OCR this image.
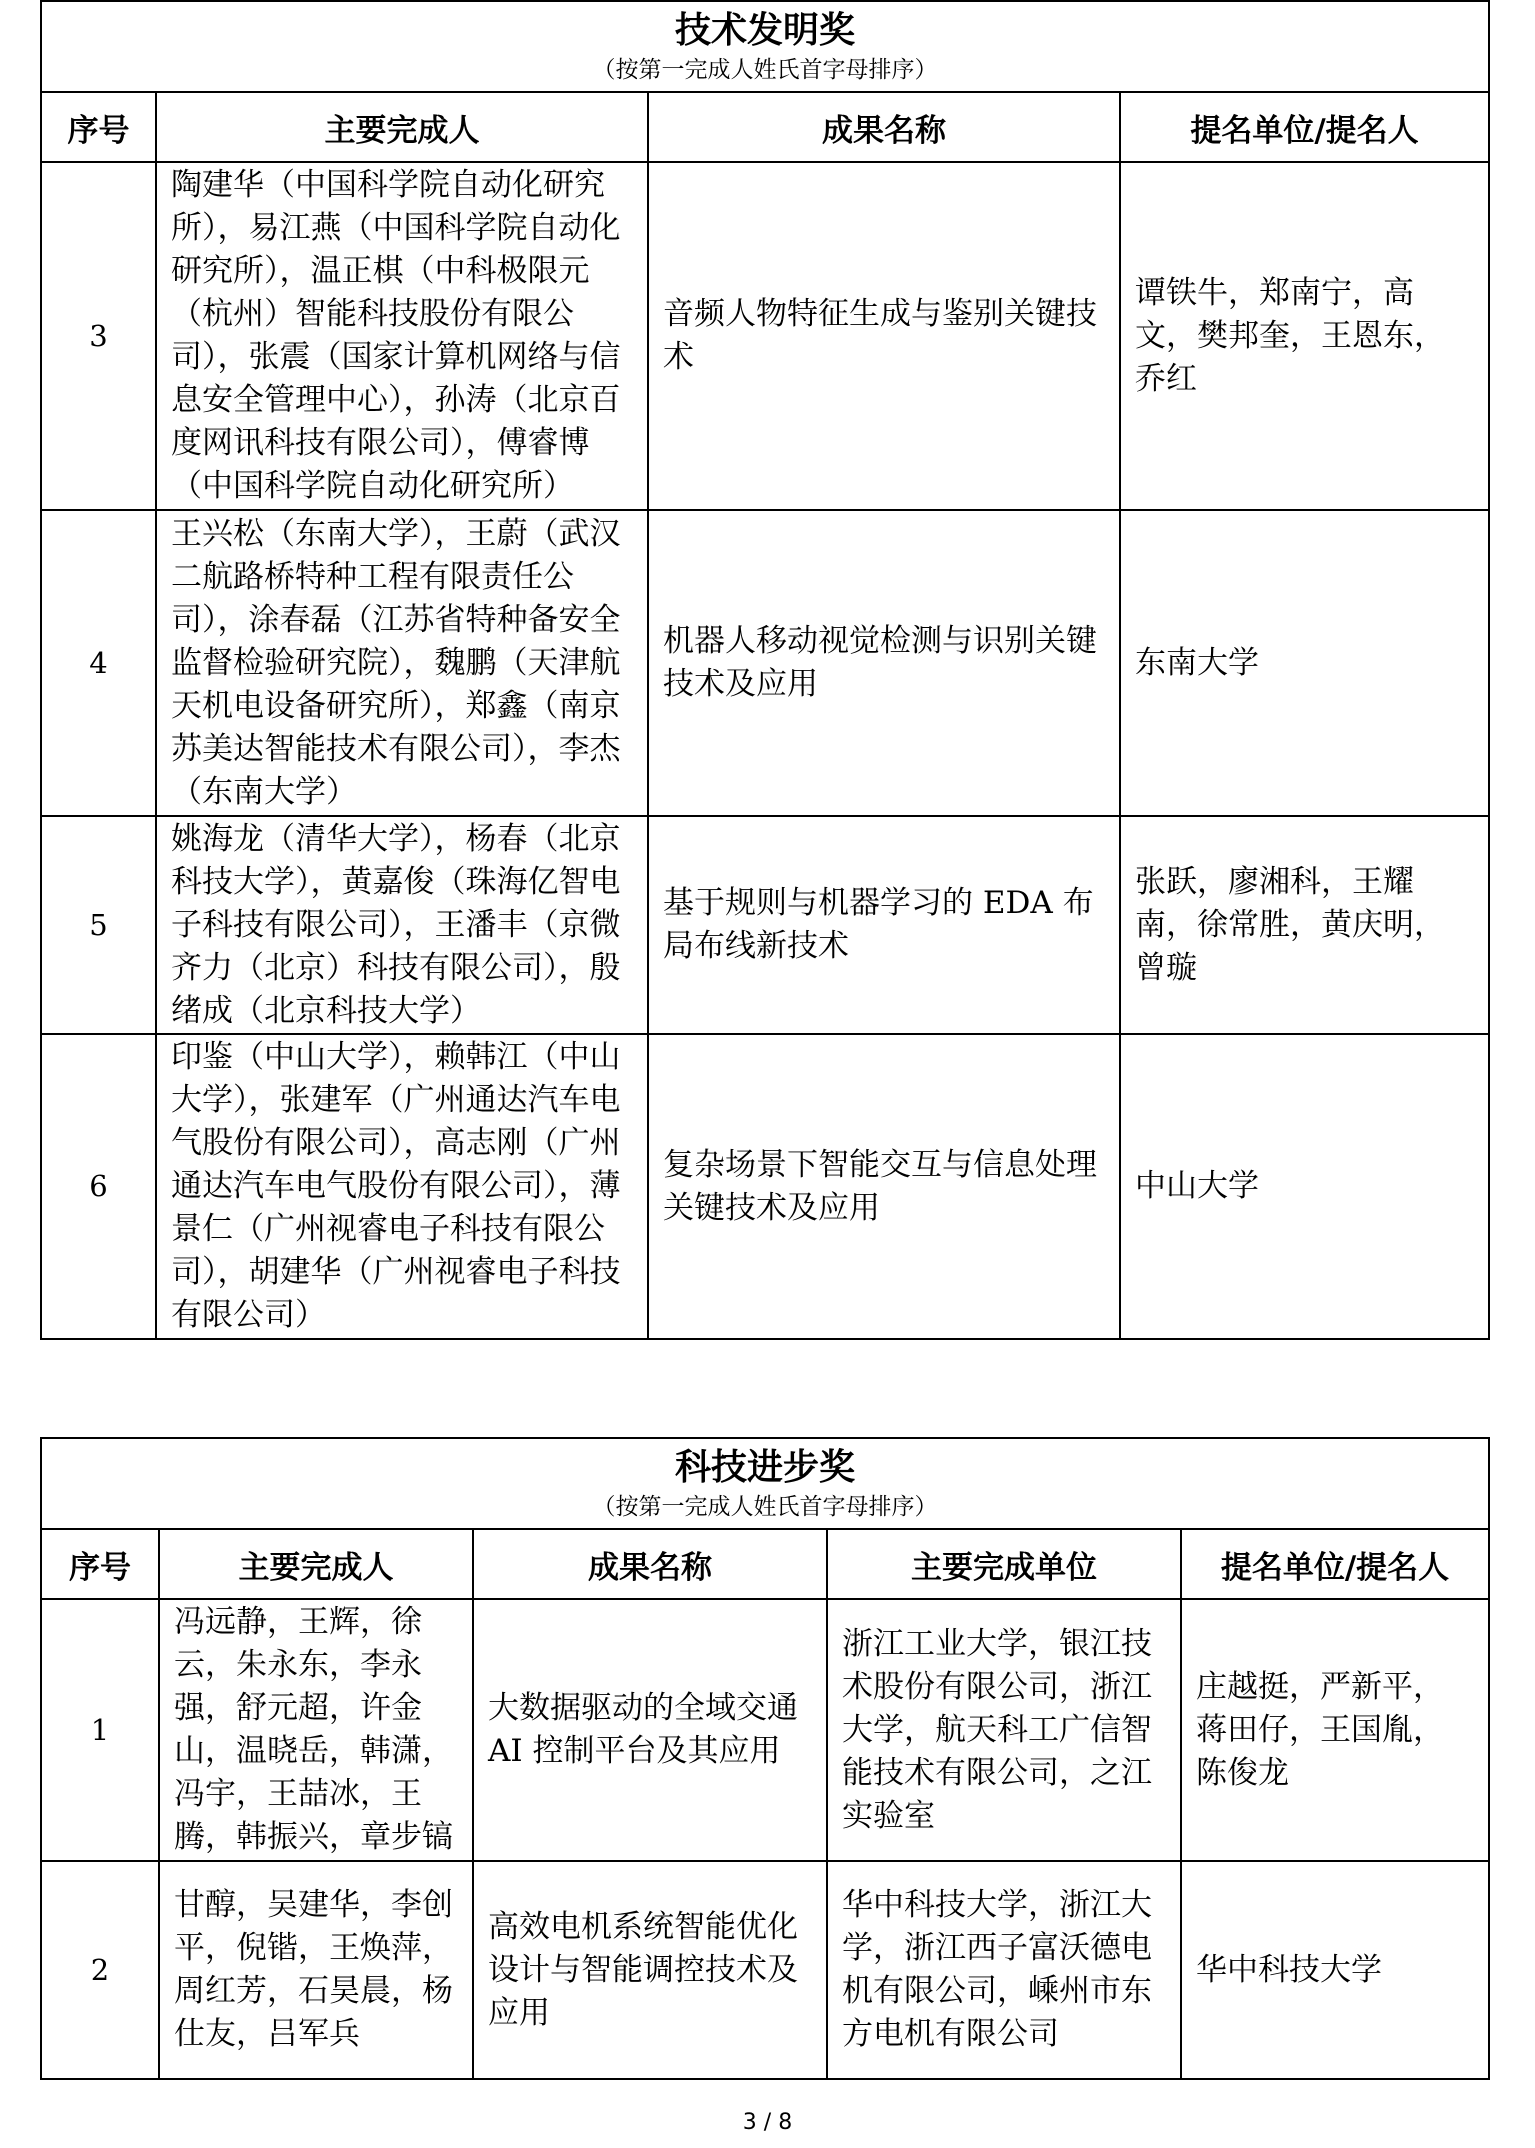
技术发明奖
（按第一完成人姓氏首字母排序）			

序号	主要完成人	成果名称	提名单位/提名人
3	陶建华（中国科学院自动化研究所），易江燕（中国科学院自动化研究所），温正棋（中科极限元（杭州）智能科技股份有限公司），张震（国家计算机网络与信息安全管理中心），孙涛（北京百度网讯科技有限公司），傅睿博（中国科学院自动化研究所）	音频人物特征生成与鉴别关键技术	谭铁牛，郑南宁，高文，樊邦奎，王恩东，乔红
4	王兴松（东南大学），王蔚（武汉二航路桥特种工程有限责任公司），涂春磊（江苏省特种备安全监督检验研究院），魏鹏（天津航天机电设备研究所），郑鑫（南京苏美达智能技术有限公司），李杰（东南大学）	机器人移动视觉检测与识别关键技术及应用	东南大学
5	姚海龙（清华大学），杨春（北京科技大学），黄嘉俊（珠海亿智电子科技有限公司），王潘丰（京微齐力（北京）科技有限公司），殷绪成（北京科技大学）	基于规则与机器学习的 EDA 布局布线新技术	张跃，廖湘科，王耀南，徐常胜，黄庆明，曾璇
6	印鉴（中山大学），赖韩江（中山大学），张建军（广州通达汽车电气股份有限公司），高志刚（广州通达汽车电气股份有限公司），薄景仁（广州视睿电子科技有限公司），胡建华（广州视睿电子科技有限公司）	复杂场景下智能交互与信息处理关键技术及应用	中山大学
科技进步奖
（按第一完成人姓氏首字母排序）				

序号	主要完成人	成果名称	主要完成单位	提名单位/提名人
1	冯远静，王辉，徐云，朱永东，李永强，舒元超，许金山，温晓岳，韩潇，冯宇，王喆冰，王腾，韩振兴，章步镐	大数据驱动的全域交通 AI 控制平台及其应用	浙江工业大学，银江技术股份有限公司，浙江大学，航天科工广信智能技术有限公司，之江实验室	庄越挺，严新平，蒋田仔，王国胤，陈俊龙
2	甘醇，吴建华，李创平，倪锴，王焕萍，周红芳，石昊晨，杨仕友，吕军兵	高效电机系统智能优化设计与智能调控技术及应用	华中科技大学，浙江大学，浙江西子富沃德电机有限公司，嵊州市东方电机有限公司	华中科技大学
3 / 8
